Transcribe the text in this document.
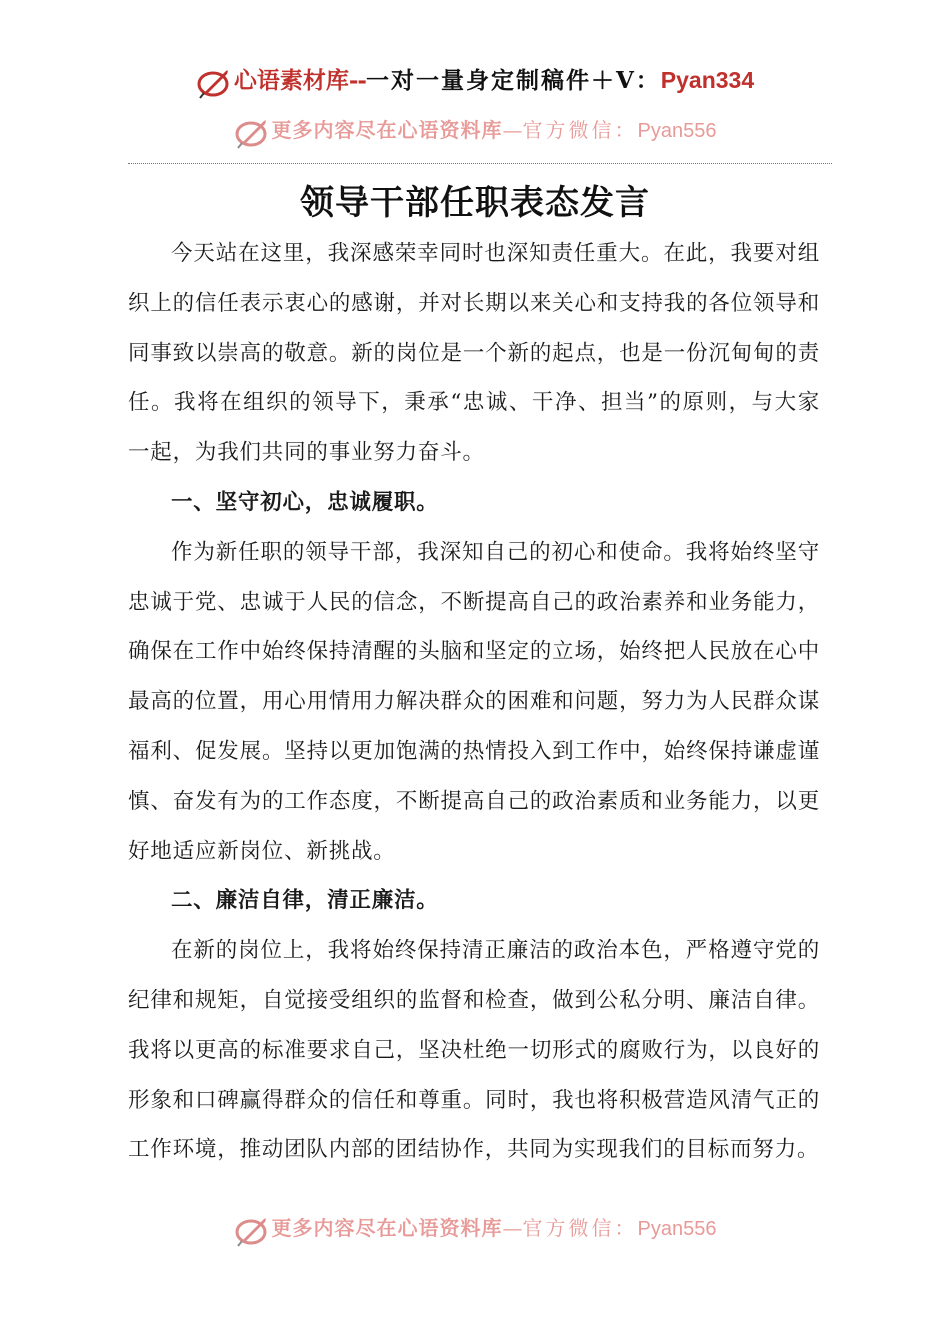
心语素材库--一对一量身定制稿件＋V：Pyan334
更多内容尽在心语资料库—官方微信：Pyan556
领导干部任职表态发言

今天站在这里，我深感荣幸同时也深知责任重大。在此，我要对组织上的信任表示衷心的感谢，并对长期以来关心和支持我的各位领导和同事致以崇高的敬意。新的岗位是一个新的起点，也是一份沉甸甸的责任。我将在组织的领导下，秉承“忠诚、干净、担当”的原则，与大家一起，为我们共同的事业努力奋斗。

一、坚守初心，忠诚履职。

作为新任职的领导干部，我深知自己的初心和使命。我将始终坚守忠诚于党、忠诚于人民的信念，不断提高自己的政治素养和业务能力，确保在工作中始终保持清醒的头脑和坚定的立场，始终把人民放在心中最高的位置，用心用情用力解决群众的困难和问题，努力为人民群众谋福利、促发展。坚持以更加饱满的热情投入到工作中，始终保持谦虚谨慎、奋发有为的工作态度，不断提高自己的政治素质和业务能力，以更好地适应新岗位、新挑战。

二、廉洁自律，清正廉洁。

在新的岗位上，我将始终保持清正廉洁的政治本色，严格遵守党的纪律和规矩，自觉接受组织的监督和检查，做到公私分明、廉洁自律。我将以更高的标准要求自己，坚决杜绝一切形式的腐败行为，以良好的形象和口碑赢得群众的信任和尊重。同时，我也将积极营造风清气正的工作环境，推动团队内部的团结协作，共同为实现我们的目标而努力。

更多内容尽在心语资料库—官方微信：Pyan556
